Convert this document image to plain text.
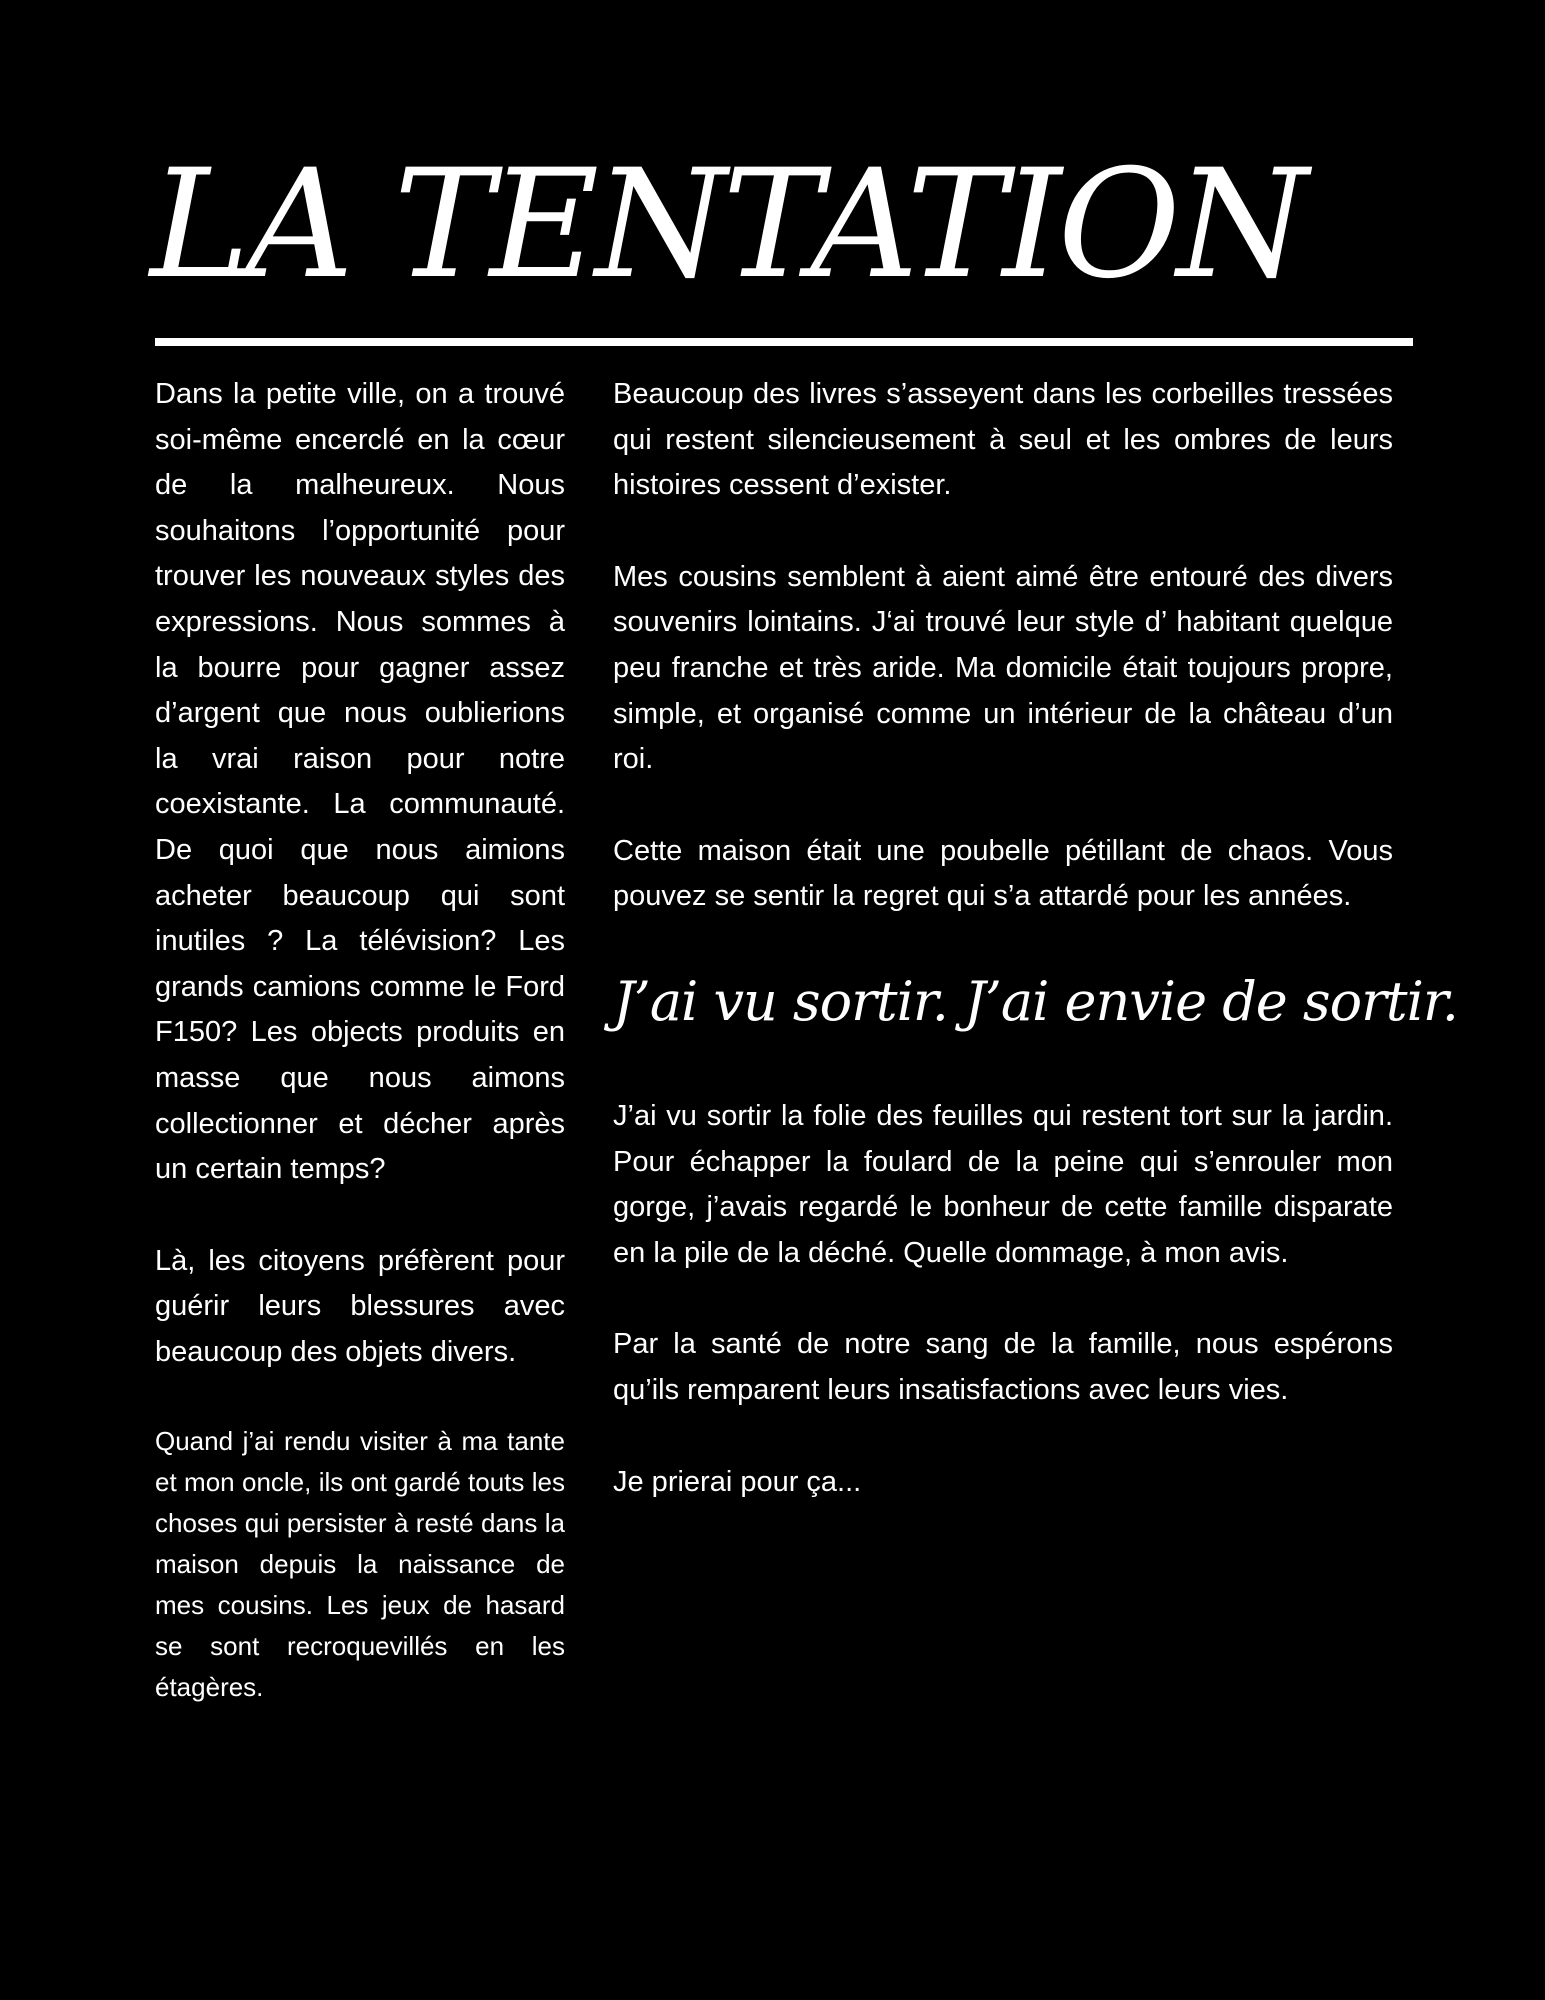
LA TENTATION

Dans la petite ville, on a trouvé soi-même encerclé en la cœur de la malheureux. Nous souhaitons l’opportunité pour trouver les nouveaux styles des expressions. Nous sommes à la bourre pour gagner assez d’argent que nous oublierions la vrai raison pour notre coexistante. La communauté. De quoi que nous aimions acheter beaucoup qui sont inutiles ? La télévision? Les grands camions comme le Ford F150? Les objects produits en masse que nous aimons collectionner et décher après un certain temps?

Là, les citoyens préfèrent pour guérir leurs blessures avec beaucoup des objets divers.

Quand j’ai rendu visiter à ma tante et mon oncle, ils ont gardé touts les choses qui persister à resté dans la maison depuis la naissance de mes cousins. Les jeux de hasard se sont recroquevillés en les étagères.

Beaucoup des livres s’asseyent dans les corbeilles tressées qui restent silencieusement à seul et les ombres de leurs histoires cessent d’exister.

Mes cousins semblent à aient aimé être entouré des divers souvenirs lointains. J‘ai trouvé leur style d’ habitant quelque peu franche et très aride. Ma domicile était toujours propre, simple, et organisé comme un intérieur de la château d’un roi.

Cette maison était une poubelle pétillant de chaos. Vous pouvez se sentir la regret qui s’a attardé pour les années.

J’ai vu sortir. J’ai envie de sortir.

J’ai vu sortir la folie des feuilles qui restent tort sur la jardin. Pour échapper la foulard de la peine qui s’enrouler mon gorge, j’avais regardé le bonheur de cette famille disparate en la pile de la déché. Quelle dommage, à mon avis.

Par la santé de notre sang de la famille, nous espérons qu’ils remparent leurs insatisfactions avec leurs vies.

Je prierai pour ça...
